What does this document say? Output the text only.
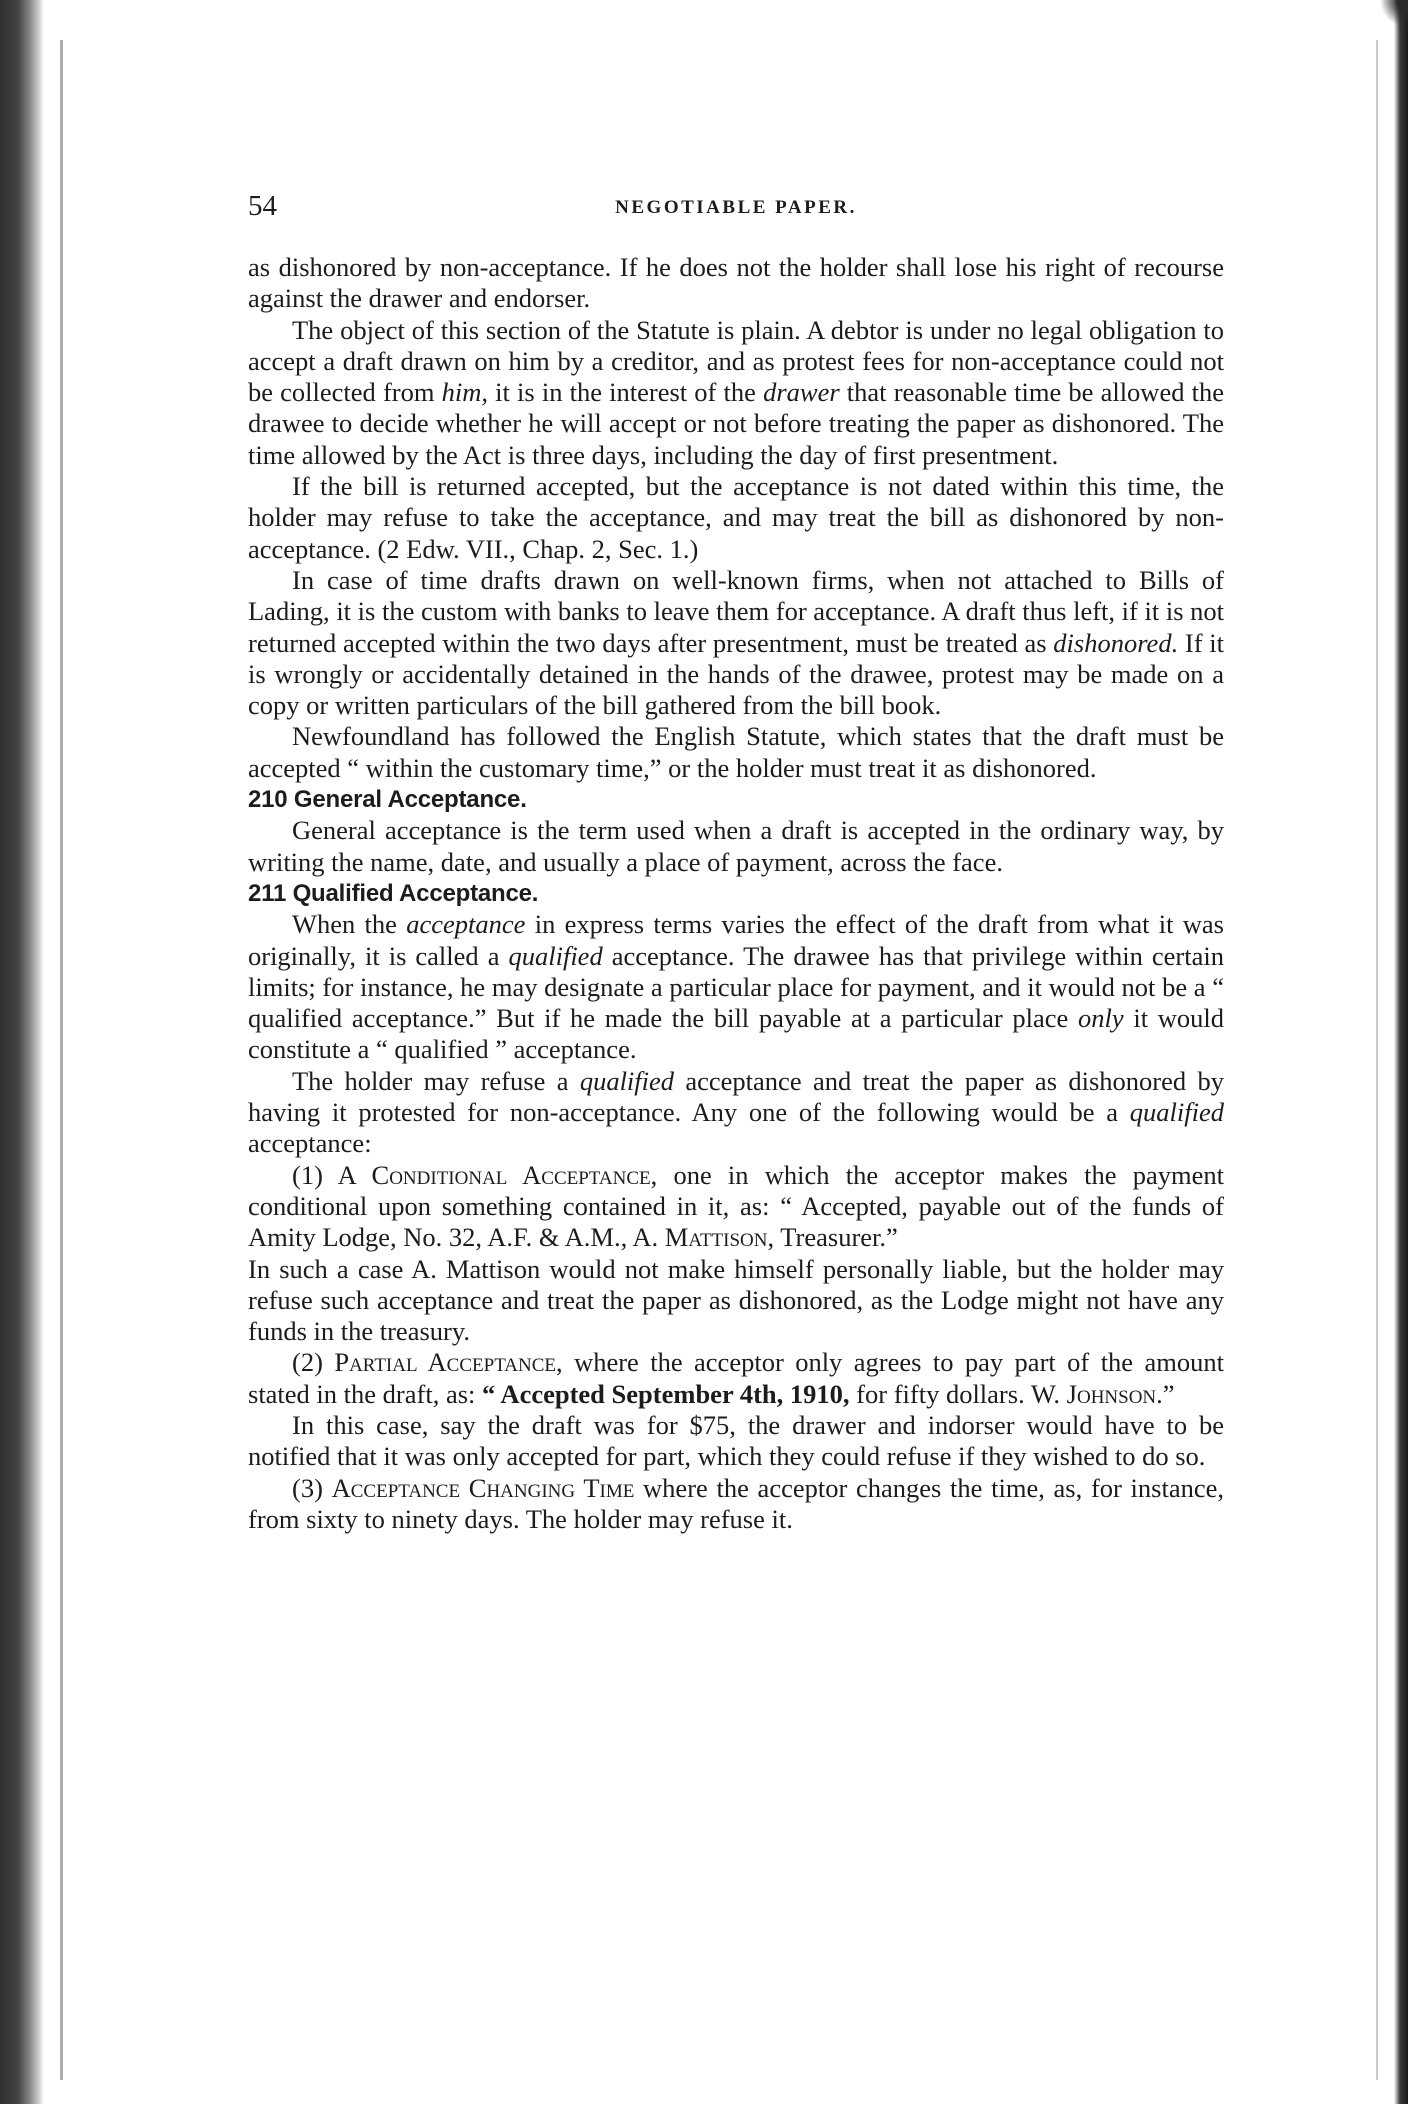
54	NEGOTIABLE PAPER.

as dishonored by non-acceptance. If he does not the holder shall lose his right of recourse against the drawer and endorser.

The object of this section of the Statute is plain. A debtor is under no legal obligation to accept a draft drawn on him by a creditor, and as protest fees for non-acceptance could not be collected from him, it is in the interest of the drawer that reasonable time be allowed the drawee to decide whether he will accept or not before treating the paper as dishonored. The time allowed by the Act is three days, including the day of first presentment.

If the bill is returned accepted, but the acceptance is not dated within this time, the holder may refuse to take the acceptance, and may treat the bill as dishonored by non-acceptance. (2 Edw. VII., Chap. 2, Sec. 1.)

In case of time drafts drawn on well-known firms, when not attached to Bills of Lading, it is the custom with banks to leave them for acceptance. A draft thus left, if it is not returned accepted within the two days after presentment, must be treated as dishonored. If it is wrongly or accidentally detained in the hands of the drawee, protest may be made on a copy or written particulars of the bill gathered from the bill book.

Newfoundland has followed the English Statute, which states that the draft must be accepted “ within the customary time,” or the holder must treat it as dishonored.

210 General Acceptance.

General acceptance is the term used when a draft is accepted in the ordinary way, by writing the name, date, and usually a place of payment, across the face.

211 Qualified Acceptance.

When the acceptance in express terms varies the effect of the draft from what it was originally, it is called a qualified acceptance. The drawee has that privilege within certain limits; for instance, he may designate a particular place for payment, and it would not be a “ qualified acceptance.” But if he made the bill payable at a particular place only it would constitute a “ qualified ” acceptance.

The holder may refuse a qualified acceptance and treat the paper as dishonored by having it protested for non-acceptance. Any one of the following would be a qualified acceptance:

(1) A Conditional Acceptance, one in which the acceptor makes the payment conditional upon something contained in it, as: “ Accepted, payable out of the funds of Amity Lodge, No. 32, A.F. & A.M., A. Mattison, Treasurer.”

In such a case A. Mattison would not make himself personally liable, but the holder may refuse such acceptance and treat the paper as dishonored, as the Lodge might not have any funds in the treasury.

(2) Partial Acceptance, where the acceptor only agrees to pay part of the amount stated in the draft, as: “ Accepted September 4th, 1910, for fifty dollars. W. Johnson.”

In this case, say the draft was for $75, the drawer and indorser would have to be notified that it was only accepted for part, which they could refuse if they wished to do so.

(3) Acceptance Changing Time where the acceptor changes the time, as, for instance, from sixty to ninety days. The holder may refuse it.
